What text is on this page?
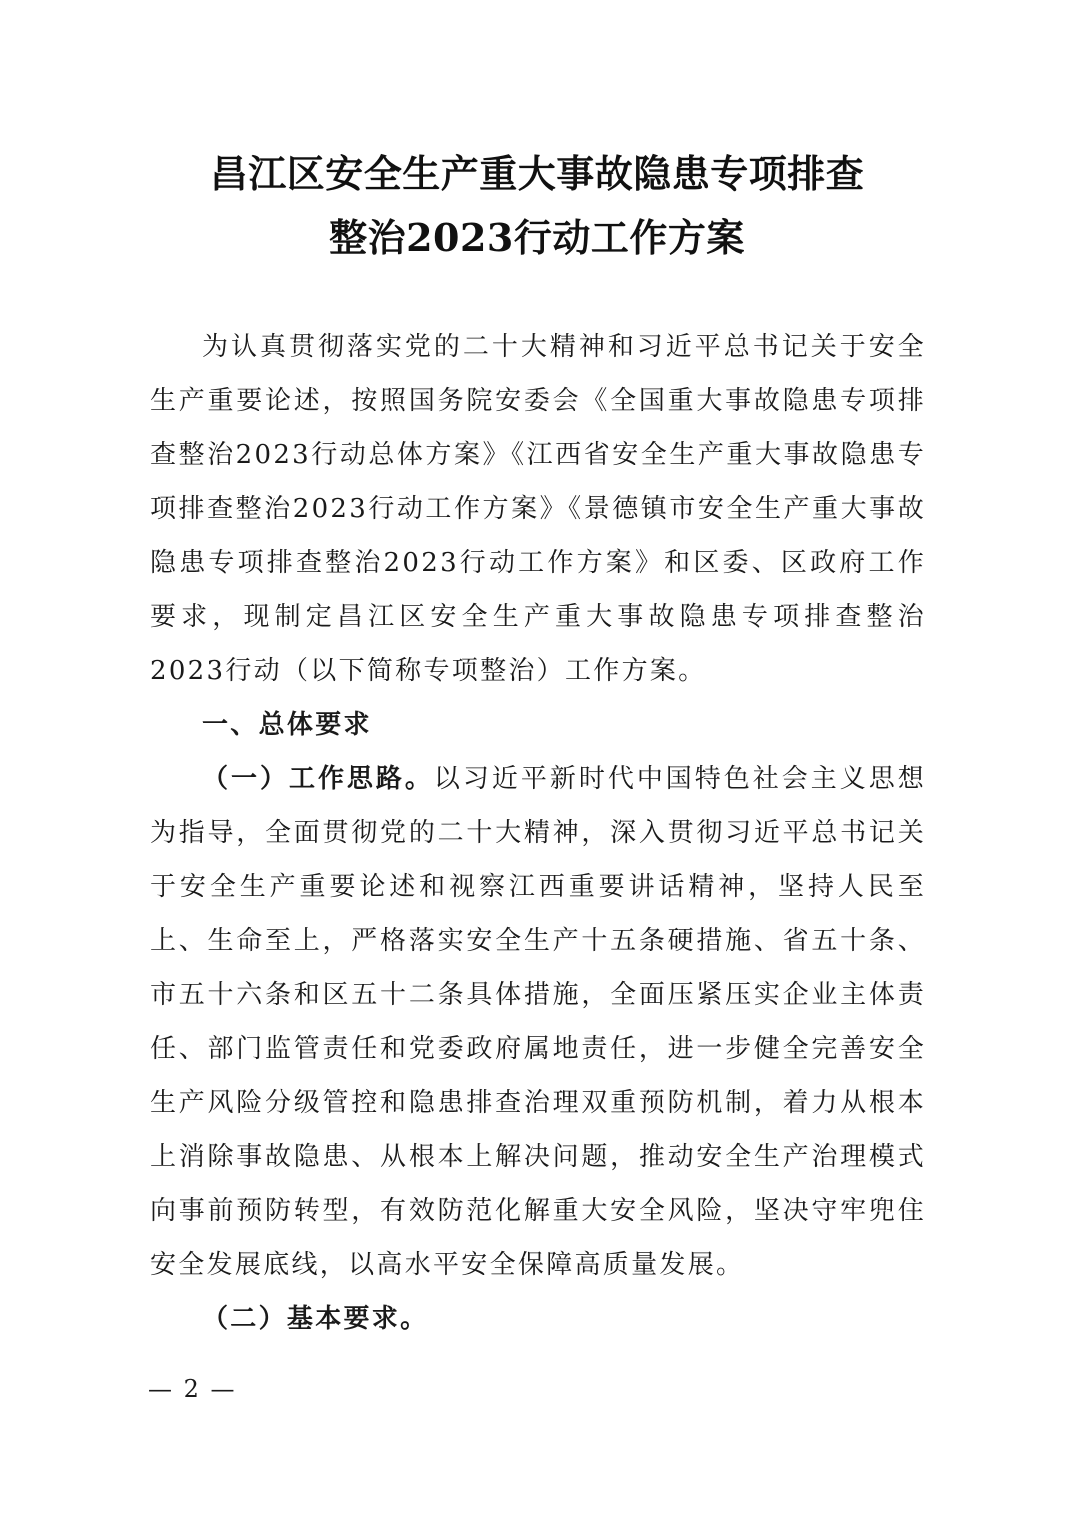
昌江区安全生产重大事故隐患专项排查
整治2023行动工作方案

为认真贯彻落实党的二十大精神和习近平总书记关于安全生产重要论述，按照国务院安委会《全国重大事故隐患专项排查整治2023行动总体方案》《江西省安全生产重大事故隐患专项排查整治2023行动工作方案》《景德镇市安全生产重大事故隐患专项排查整治2023行动工作方案》和区委、区政府工作要求，现制定昌江区安全生产重大事故隐患专项排查整治2023行动（以下简称专项整治）工作方案。

一、总体要求

（一）工作思路。以习近平新时代中国特色社会主义思想为指导，全面贯彻党的二十大精神，深入贯彻习近平总书记关于安全生产重要论述和视察江西重要讲话精神，坚持人民至上、生命至上，严格落实安全生产十五条硬措施、省五十条、市五十六条和区五十二条具体措施，全面压紧压实企业主体责任、部门监管责任和党委政府属地责任，进一步健全完善安全生产风险分级管控和隐患排查治理双重预防机制，着力从根本上消除事故隐患、从根本上解决问题，推动安全生产治理模式向事前预防转型，有效防范化解重大安全风险，坚决守牢兜住安全发展底线，以高水平安全保障高质量发展。

（二）基本要求。

— 2 —
